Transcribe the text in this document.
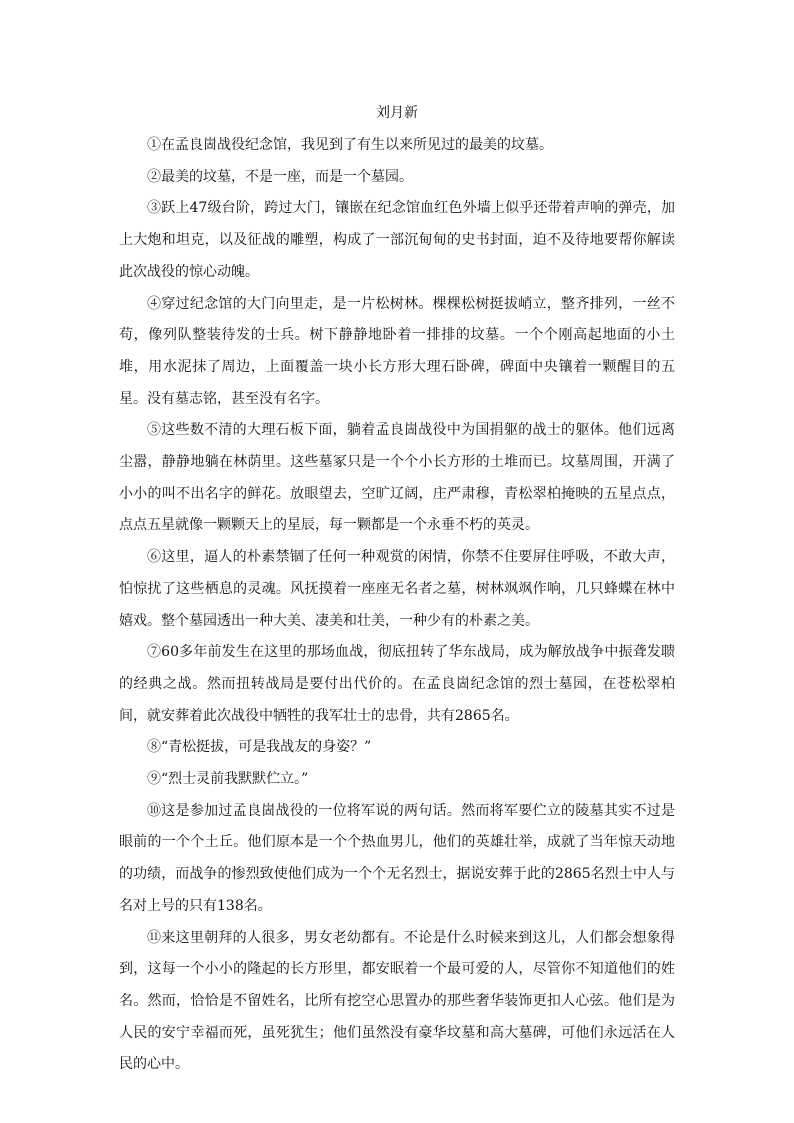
刘月新

①在孟良崮战役纪念馆，我见到了有生以来所见过的最美的坟墓。

②最美的坟墓，不是一座，而是一个墓园。

③跃上47级台阶，跨过大门，镶嵌在纪念馆血红色外墙上似乎还带着声响的弹壳，加上大炮和坦克，以及征战的雕塑，构成了一部沉甸甸的史书封面，迫不及待地要帮你解读此次战役的惊心动魄。

④穿过纪念馆的大门向里走，是一片松树林。棵棵松树挺拔峭立，整齐排列，一丝不苟，像列队整装待发的士兵。树下静静地卧着一排排的坟墓。一个个刚高起地面的小土堆，用水泥抹了周边，上面覆盖一块小长方形大理石卧碑，碑面中央镶着一颗醒目的五星。没有墓志铭，甚至没有名字。

⑤这些数不清的大理石板下面，躺着孟良崮战役中为国捐躯的战士的躯体。他们远离尘嚣，静静地躺在林荫里。这些墓冢只是一个个小长方形的土堆而已。坟墓周围，开满了小小的叫不出名字的鲜花。放眼望去，空旷辽阔，庄严肃穆，青松翠柏掩映的五星点点，点点五星就像一颗颗天上的星辰，每一颗都是一个永垂不朽的英灵。

⑥这里，逼人的朴素禁锢了任何一种观赏的闲情，你禁不住要屏住呼吸，不敢大声，怕惊扰了这些栖息的灵魂。风抚摸着一座座无名者之墓，树林飒飒作响，几只蜂蝶在林中嬉戏。整个墓园透出一种大美、凄美和壮美，一种少有的朴素之美。

⑦60多年前发生在这里的那场血战，彻底扭转了华东战局，成为解放战争中振聋发聩的经典之战。然而扭转战局是要付出代价的。在孟良崮纪念馆的烈士墓园，在苍松翠柏间，就安葬着此次战役中牺牲的我军壮士的忠骨，共有2865名。

⑧“青松挺拔，可是我战友的身姿？”

⑨“烈士灵前我默默伫立。”

⑩这是参加过孟良崮战役的一位将军说的两句话。然而将军要伫立的陵墓其实不过是眼前的一个个土丘。他们原本是一个个热血男儿，他们的英雄壮举，成就了当年惊天动地的功绩，而战争的惨烈致使他们成为一个个无名烈士，据说安葬于此的2865名烈士中人与名对上号的只有138名。

⑪来这里朝拜的人很多，男女老幼都有。不论是什么时候来到这儿，人们都会想象得到，这每一个小小的隆起的长方形里，都安眠着一个最可爱的人，尽管你不知道他们的姓名。然而，恰恰是不留姓名，比所有挖空心思置办的那些奢华装饰更扣人心弦。他们是为人民的安宁幸福而死，虽死犹生；他们虽然没有豪华坟墓和高大墓碑，可他们永远活在人民的心中。
